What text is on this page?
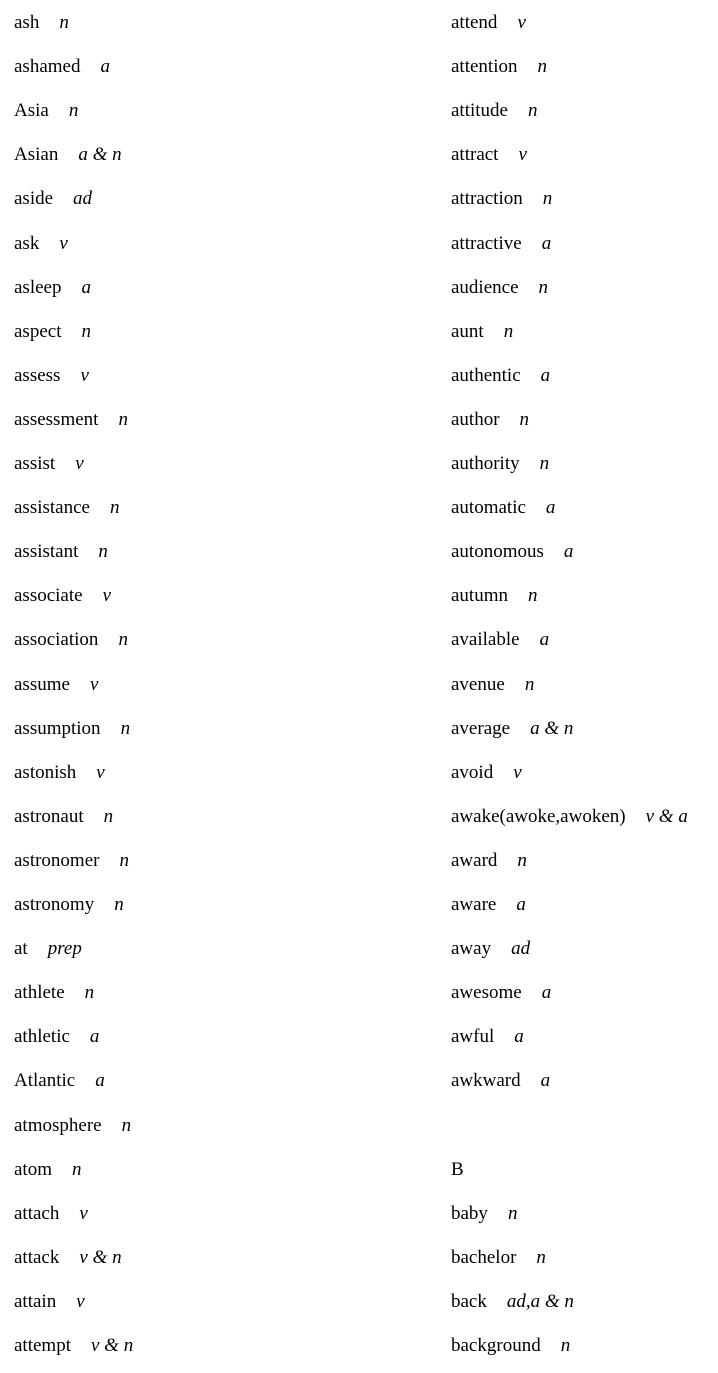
ash n
ashamed a
Asia n
Asian a & n
aside ad
ask v
asleep a
aspect n
assess v
assessment n
assist v
assistance n
assistant n
associate v
association n
assume v
assumption n
astonish v
astronaut n
astronomer n
astronomy n
at prep
athlete n
athletic a
Atlantic a
atmosphere n
atom n
attach v
attack v & n
attain v
attempt v & n
attend v
attention n
attitude n
attract v
attraction n
attractive a
audience n
aunt n
authentic a
author n
authority n
automatic a
autonomous a
autumn n
available a
avenue n
average a & n
avoid v
awake(awoke,awoken) v & a
award n
aware a
away ad
awesome a
awful a
awkward a
B
baby n
bachelor n
back ad,a & n
background n
